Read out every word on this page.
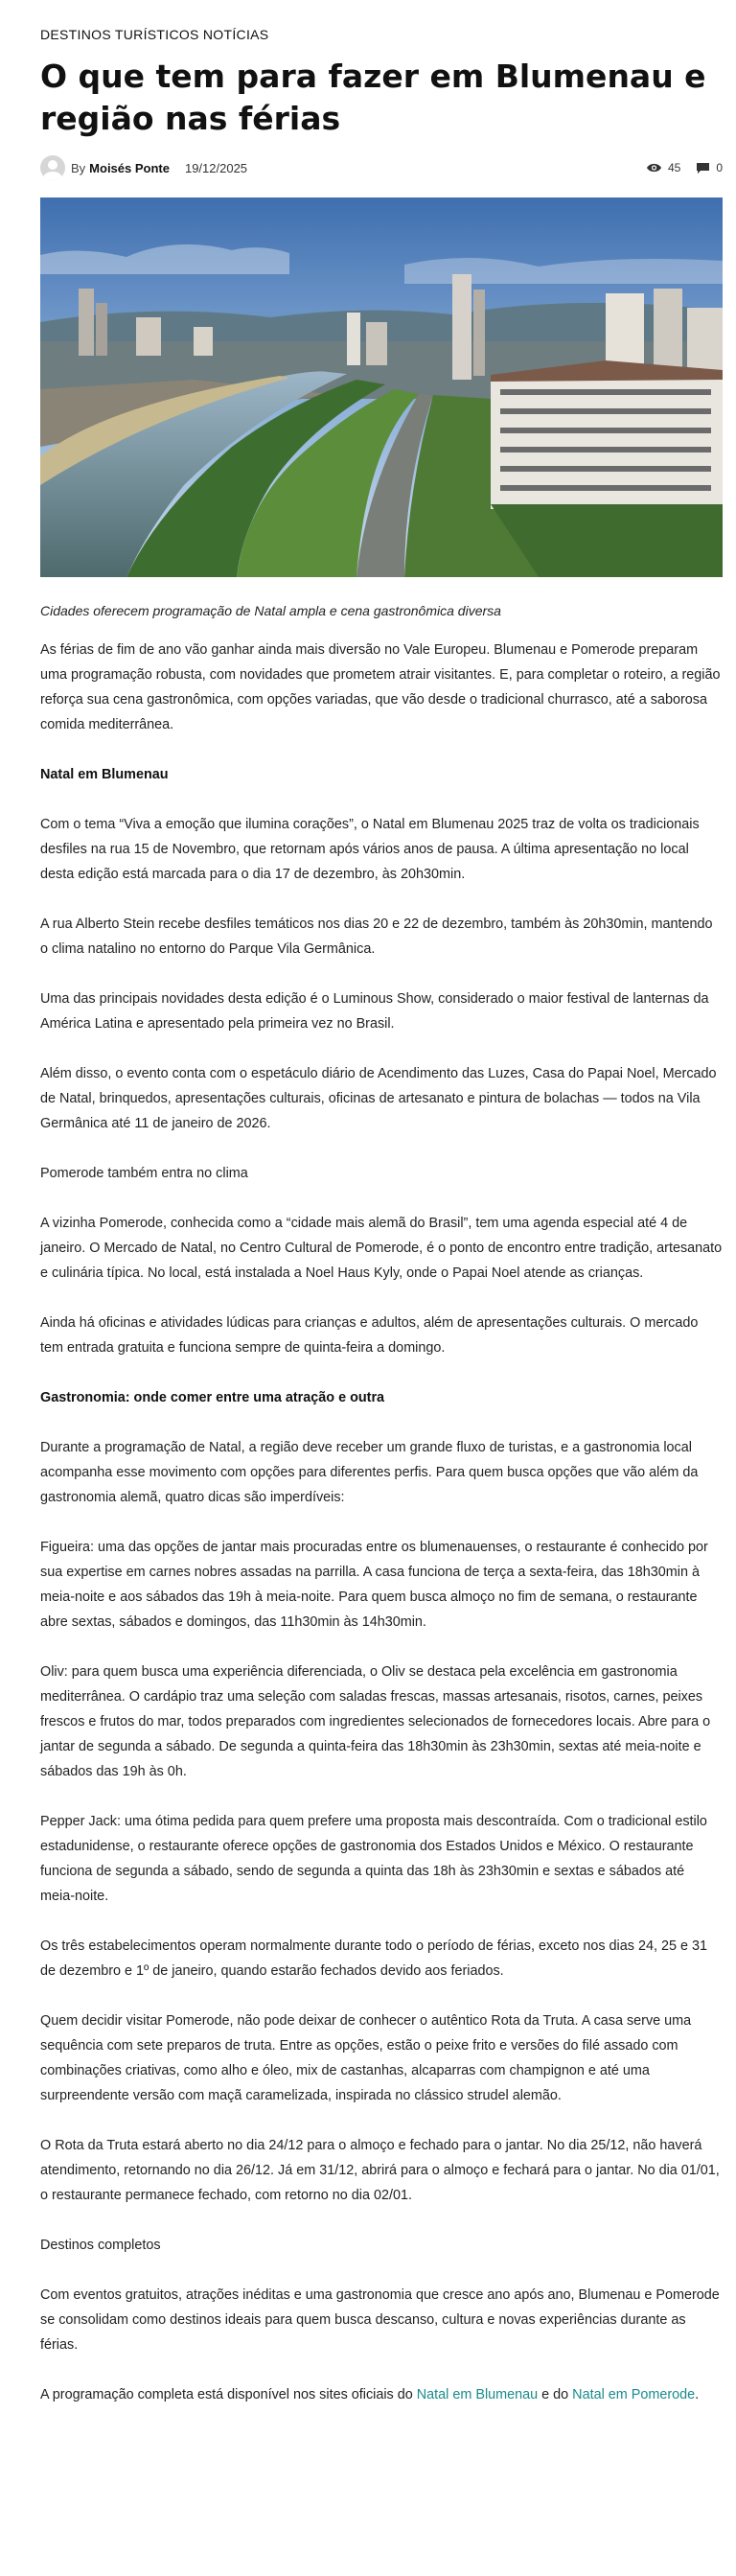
DESTINOS TURÍSTICOS NOTÍCIAS
O que tem para fazer em Blumenau e região nas férias
By Moisés Ponte 19/12/2025	45	0
Cidades oferecem programação de Natal ampla e cena gastronômica diversa

As férias de fim de ano vão ganhar ainda mais diversão no Vale Europeu. Blumenau e Pomerode preparam uma programação robusta, com novidades que prometem atrair visitantes. E, para completar o roteiro, a região reforça sua cena gastronômica, com opções variadas, que vão desde o tradicional churrasco, até a saborosa comida mediterrânea.

Natal em Blumenau

Com o tema “Viva a emoção que ilumina corações”, o Natal em Blumenau 2025 traz de volta os tradicionais desfiles na rua 15 de Novembro, que retornam após vários anos de pausa. A última apresentação no local desta edição está marcada para o dia 17 de dezembro, às 20h30min.

A rua Alberto Stein recebe desfiles temáticos nos dias 20 e 22 de dezembro, também às 20h30min, mantendo o clima natalino no entorno do Parque Vila Germânica.

Uma das principais novidades desta edição é o Luminous Show, considerado o maior festival de lanternas da América Latina e apresentado pela primeira vez no Brasil.

Além disso, o evento conta com o espetáculo diário de Acendimento das Luzes, Casa do Papai Noel, Mercado de Natal, brinquedos, apresentações culturais, oficinas de artesanato e pintura de bolachas — todos na Vila Germânica até 11 de janeiro de 2026.

Pomerode também entra no clima

A vizinha Pomerode, conhecida como a “cidade mais alemã do Brasil”, tem uma agenda especial até 4 de janeiro. O Mercado de Natal, no Centro Cultural de Pomerode, é o ponto de encontro entre tradição, artesanato e culinária típica. No local, está instalada a Noel Haus Kyly, onde o Papai Noel atende as crianças.

Ainda há oficinas e atividades lúdicas para crianças e adultos, além de apresentações culturais. O mercado tem entrada gratuita e funciona sempre de quinta-feira a domingo.

Gastronomia: onde comer entre uma atração e outra

Durante a programação de Natal, a região deve receber um grande fluxo de turistas, e a gastronomia local acompanha esse movimento com opções para diferentes perfis. Para quem busca opções que vão além da gastronomia alemã, quatro dicas são imperdíveis:

Figueira: uma das opções de jantar mais procuradas entre os blumenauenses, o restaurante é conhecido por sua expertise em carnes nobres assadas na parrilla. A casa funciona de terça a sexta-feira, das 18h30min à meia-noite e aos sábados das 19h à meia-noite. Para quem busca almoço no fim de semana, o restaurante abre sextas, sábados e domingos, das 11h30min às 14h30min.

Oliv: para quem busca uma experiência diferenciada, o Oliv se destaca pela excelência em gastronomia mediterrânea. O cardápio traz uma seleção com saladas frescas, massas artesanais, risotos, carnes, peixes frescos e frutos do mar, todos preparados com ingredientes selecionados de fornecedores locais. Abre para o jantar de segunda a sábado. De segunda a quinta-feira das 18h30min às 23h30min, sextas até meia-noite e sábados das 19h às 0h.

Pepper Jack: uma ótima pedida para quem prefere uma proposta mais descontraída. Com o tradicional estilo estadunidense, o restaurante oferece opções de gastronomia dos Estados Unidos e México. O restaurante funciona de segunda a sábado, sendo de segunda a quinta das 18h às 23h30min e sextas e sábados até meia-noite.

Os três estabelecimentos operam normalmente durante todo o período de férias, exceto nos dias 24, 25 e 31 de dezembro e 1º de janeiro, quando estarão fechados devido aos feriados.

Quem decidir visitar Pomerode, não pode deixar de conhecer o autêntico Rota da Truta. A casa serve uma sequência com sete preparos de truta. Entre as opções, estão o peixe frito e versões do filé assado com combinações criativas, como alho e óleo, mix de castanhas, alcaparras com champignon e até uma surpreendente versão com maçã caramelizada, inspirada no clássico strudel alemão.

O Rota da Truta estará aberto no dia 24/12 para o almoço e fechado para o jantar. No dia 25/12, não haverá atendimento, retornando no dia 26/12. Já em 31/12, abrirá para o almoço e fechará para o jantar. No dia 01/01, o restaurante permanece fechado, com retorno no dia 02/01.

Destinos completos

Com eventos gratuitos, atrações inéditas e uma gastronomia que cresce ano após ano, Blumenau e Pomerode se consolidam como destinos ideais para quem busca descanso, cultura e novas experiências durante as férias.

A programação completa está disponível nos sites oficiais do Natal em Blumenau e do Natal em Pomerode.
